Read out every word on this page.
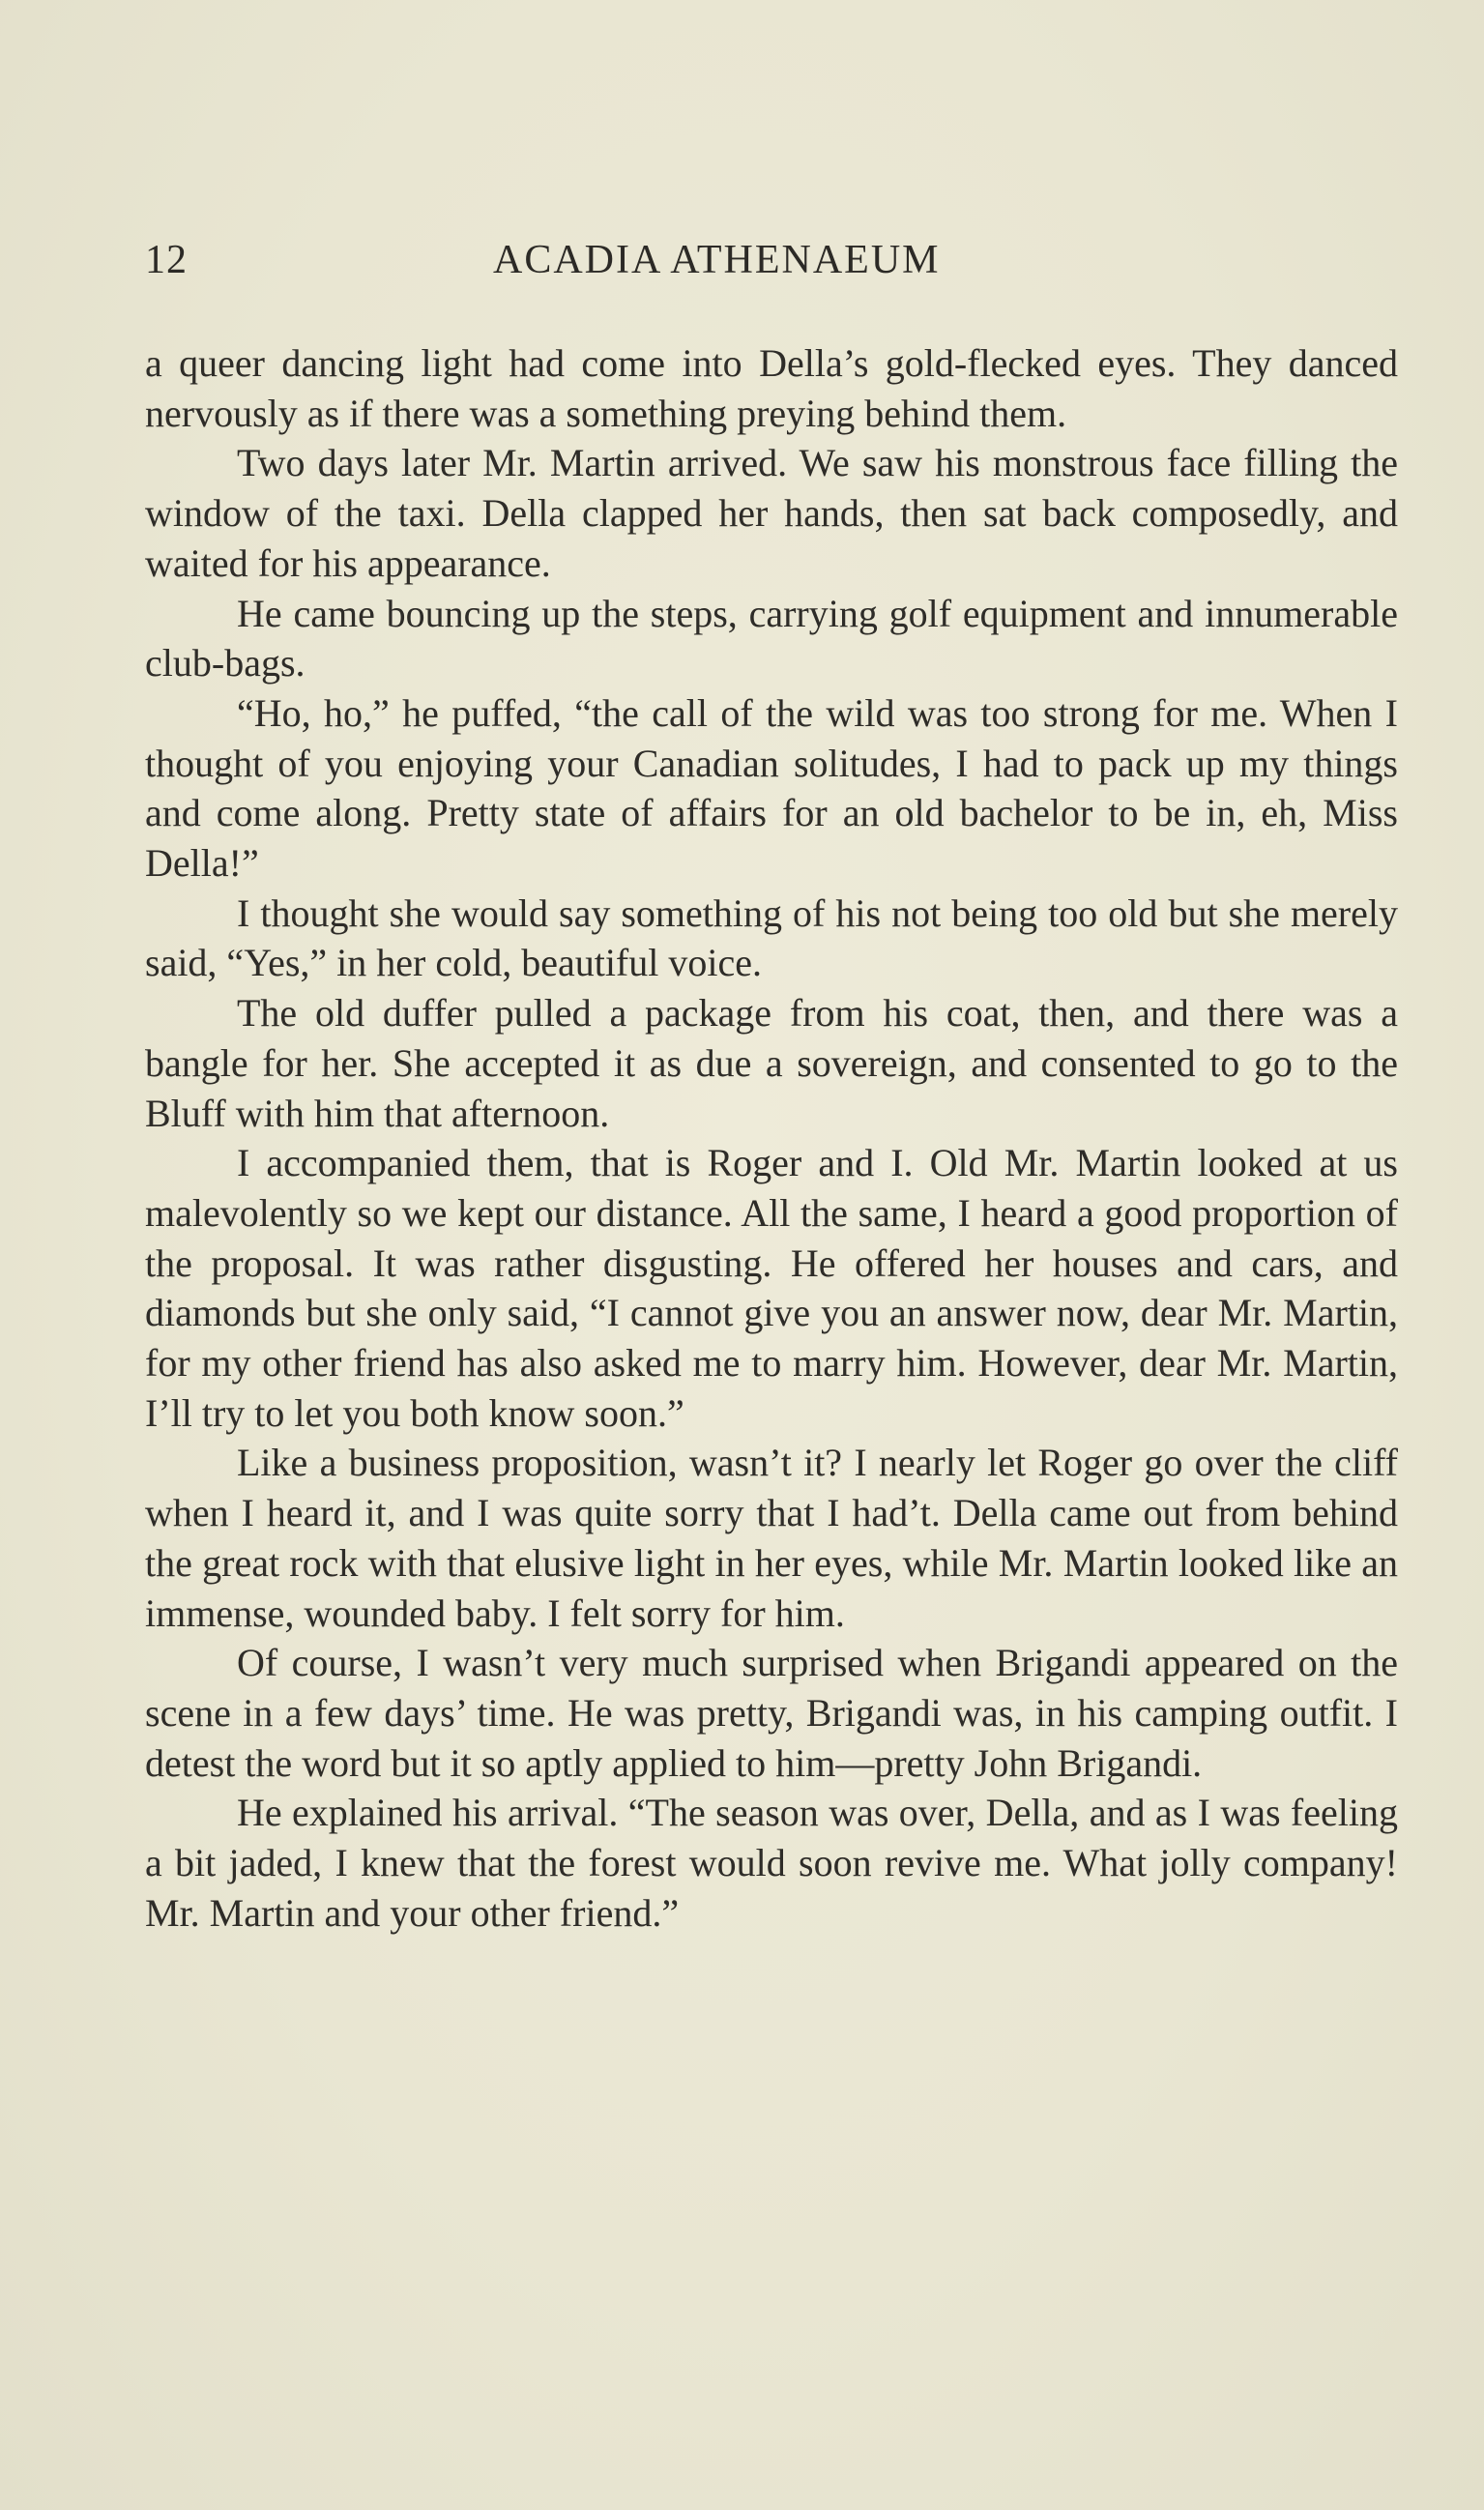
12	ACADIA ATHENAEUM

a queer dancing light had come into Della’s gold-flecked eyes. They danced nervously as if there was a something preying behind them.

Two days later Mr. Martin arrived. We saw his monstrous face filling the window of the taxi. Della clapped her hands, then sat back composedly, and waited for his appearance.

He came bouncing up the steps, carrying golf equipment and innumerable club-bags.

“Ho, ho,” he puffed, “the call of the wild was too strong for me. When I thought of you enjoying your Canadian solitudes, I had to pack up my things and come along. Pretty state of affairs for an old bachelor to be in, eh, Miss Della!”

I thought she would say something of his not being too old but she merely said, “Yes,” in her cold, beautiful voice.

The old duffer pulled a package from his coat, then, and there was a bangle for her. She accepted it as due a sovereign, and consented to go to the Bluff with him that afternoon.

I accompanied them, that is Roger and I. Old Mr. Martin looked at us malevolently so we kept our distance. All the same, I heard a good proportion of the proposal. It was rather disgusting. He offered her houses and cars, and diamonds but she only said, “I cannot give you an answer now, dear Mr. Martin, for my other friend has also asked me to marry him. However, dear Mr. Martin, I’ll try to let you both know soon.”

Like a business proposition, wasn’t it? I nearly let Roger go over the cliff when I heard it, and I was quite sorry that I had’t. Della came out from behind the great rock with that elusive light in her eyes, while Mr. Martin looked like an immense, wounded baby. I felt sorry for him.

Of course, I wasn’t very much surprised when Brigandi appeared on the scene in a few days’ time. He was pretty, Brigandi was, in his camping outfit. I detest the word but it so aptly applied to him—pretty John Brigandi.

He explained his arrival. “The season was over, Della, and as I was feeling a bit jaded, I knew that the forest would soon revive me. What jolly company! Mr. Martin and your other friend.”
